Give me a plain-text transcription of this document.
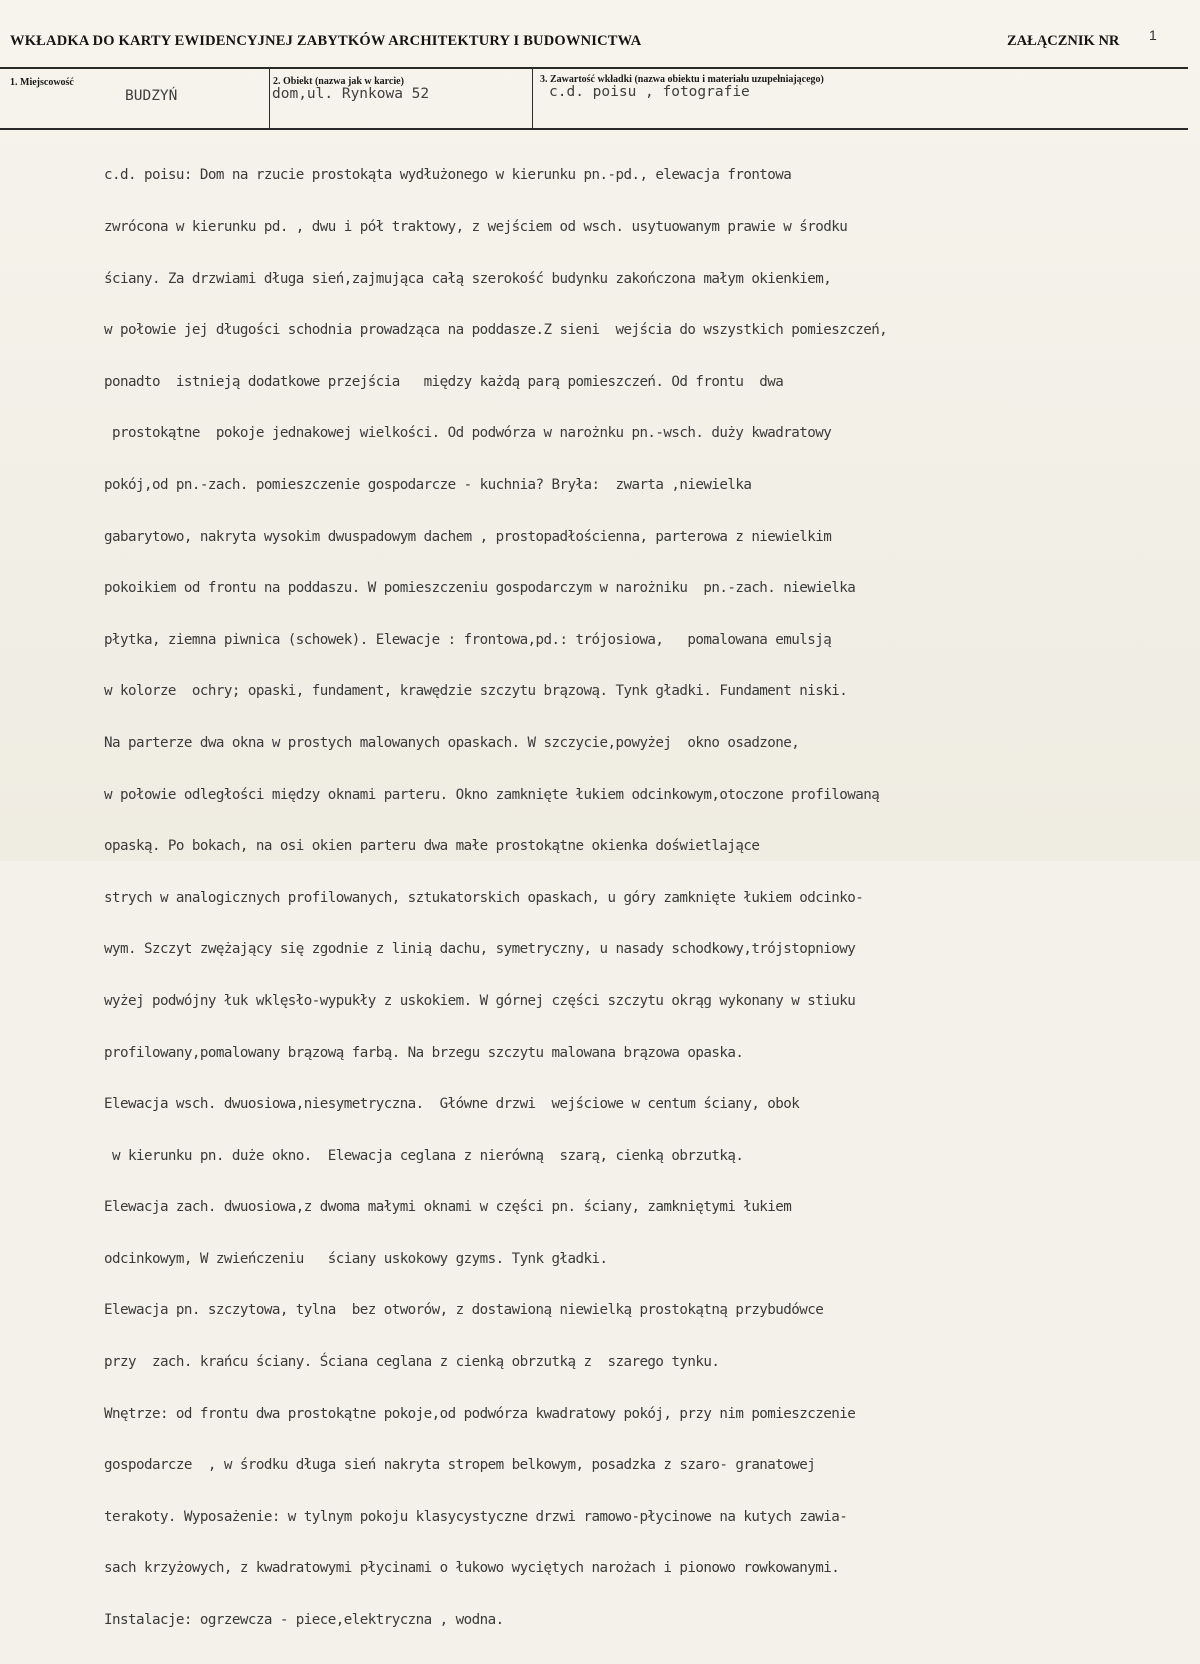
WKŁADKA DO KARTY EWIDENCYJNEJ ZABYTKÓW ARCHITEKTURY I BUDOWNICTWA	ZAŁĄCZNIK NR 1
1. Miejscowość
BUDZYŃ
2. Obiekt (nazwa jak w karcie)
dom,ul. Rynkowa 52
3. Zawartość wkładki (nazwa obiektu i materiału uzupełniającego)
c.d. poisu , fotografie

c.d. poisu: Dom na rzucie prostokąta wydłużonego w kierunku pn.-pd., elewacja frontowa

zwrócona w kierunku pd. , dwu i pół traktowy, z wejściem od wsch. usytuowanym prawie w środku

ściany. Za drzwiami długa sień,zajmująca całą szerokość budynku zakończona małym okienkiem,

w połowie jej długości schodnia prowadząca na poddasze.Z sieni  wejścia do wszystkich pomieszczeń,

ponadto  istnieją dodatkowe przejścia   między każdą parą pomieszczeń. Od frontu  dwa

prostokątne  pokoje jednakowej wielkości. Od podwórza w narożnku pn.-wsch. duży kwadratowy

pokój,od pn.-zach. pomieszczenie gospodarcze - kuchnia? Bryła:  zwarta ,niewielka

gabarytowo, nakryta wysokim dwuspadowym dachem , prostopadłościenna, parterowa z niewielkim

pokoikiem od frontu na poddaszu. W pomieszczeniu gospodarczym w narożniku  pn.-zach. niewielka

płytka, ziemna piwnica (schowek). Elewacje : frontowa,pd.: trójosiowa,   pomalowana emulsją

w kolorze  ochry; opaski, fundament, krawędzie szczytu brązową. Tynk gładki. Fundament niski.

Na parterze dwa okna w prostych malowanych opaskach. W szczycie,powyżej  okno osadzone,

w połowie odległości między oknami parteru. Okno zamknięte łukiem odcinkowym,otoczone profilowaną

opaską. Po bokach, na osi okien parteru dwa małe prostokątne okienka doświetlające

strych w analogicznych profilowanych, sztukatorskich opaskach, u góry zamknięte łukiem odcinko-

wym. Szczyt zwężający się zgodnie z linią dachu, symetryczny, u nasady schodkowy,trójstopniowy

wyżej podwójny łuk wklęsło-wypukły z uskokiem. W górnej części szczytu okrąg wykonany w stiuku

profilowany,pomalowany brązową farbą. Na brzegu szczytu malowana brązowa opaska.

Elewacja wsch. dwuosiowa,niesymetryczna.  Główne drzwi  wejściowe w centum ściany, obok

w kierunku pn. duże okno.  Elewacja ceglana z nierówną  szarą, cienką obrzutką.

Elewacja zach. dwuosiowa,z dwoma małymi oknami w części pn. ściany, zamkniętymi łukiem

odcinkowym, W zwieńczeniu   ściany uskokowy gzyms. Tynk gładki.

Elewacja pn. szczytowa, tylna  bez otworów, z dostawioną niewielką prostokątną przybudówce

przy  zach. krańcu ściany. Ściana ceglana z cienką obrzutką z  szarego tynku.

Wnętrze: od frontu dwa prostokątne pokoje,od podwórza kwadratowy pokój, przy nim pomieszczenie

gospodarcze  , w środku długa sień nakryta stropem belkowym, posadzka z szaro- granatowej

terakoty. Wyposażenie: w tylnym pokoju klasycystyczne drzwi ramowo-płycinowe na kutych zawia-

sach krzyżowych, z kwadratowymi płycinami o łukowo wyciętych narożach i pionowo rowkowanymi.

Instalacje: ogrzewcza - piece,elektryczna , wodna.
